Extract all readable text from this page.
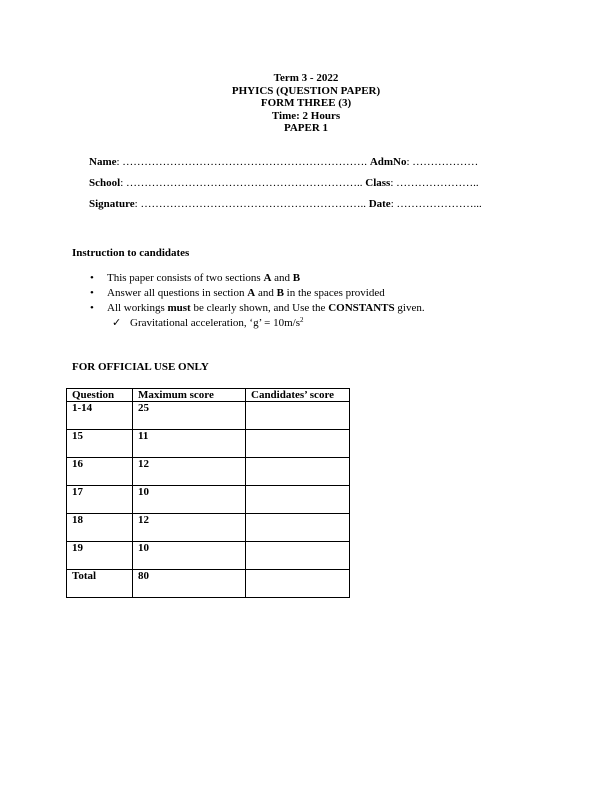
Term 3 - 2022
PHYICS (QUESTION PAPER)
FORM THREE (3)
Time: 2 Hours
PAPER 1
Name: …………………………………………………………. AdmNo: ………………
School: ……………………………………………………….. Class: …………………..
Signature: …………………………………………………….. Date: …………………...
Instruction to candidates
• This paper consists of two sections A and B
• Answer all questions in section A and B in the spaces provided
• All workings must be clearly shown, and Use the CONSTANTS given.
✓ Gravitational acceleration, ‘g’ = $10m/s^2$
FOR OFFICIAL USE ONLY
Question	Maximum score	Candidates’ score
1-14	25	
15	11	
16	12	
17	10	
18	12	
19	10	
Total	80	
